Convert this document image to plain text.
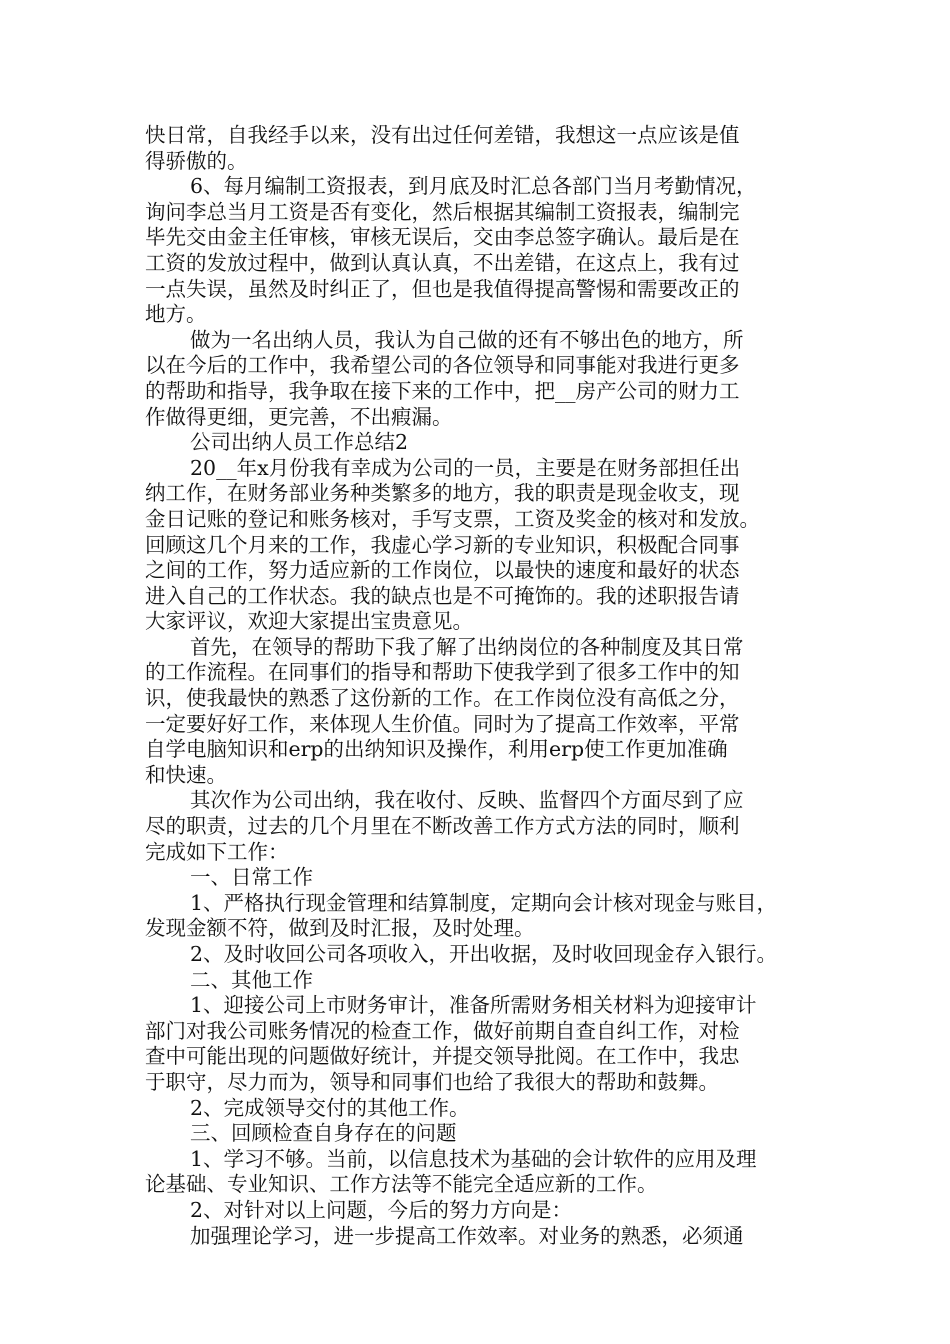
快日常，自我经手以来，没有出过任何差错，我想这一点应该是值
得骄傲的。
6、每月编制工资报表，到月底及时汇总各部门当月考勤情况，
询问李总当月工资是否有变化，然后根据其编制工资报表，编制完
毕先交由金主任审核，审核无误后，交由李总签字确认。最后是在
工资的发放过程中，做到认真认真，不出差错，在这点上，我有过
一点失误，虽然及时纠正了，但也是我值得提高警惕和需要改正的
地方。
做为一名出纳人员，我认为自己做的还有不够出色的地方，所
以在今后的工作中，我希望公司的各位领导和同事能对我进行更多
的帮助和指导，我争取在接下来的工作中，把__房产公司的财力工
作做得更细，更完善，不出瘕漏。
公司出纳人员工作总结2
20__年x月份我有幸成为公司的一员，主要是在财务部担任出
纳工作，在财务部业务种类繁多的地方，我的职责是现金收支，现
金日记账的登记和账务核对，手写支票，工资及奖金的核对和发放。
回顾这几个月来的工作，我虚心学习新的专业知识，积极配合同事
之间的工作，努力适应新的工作岗位，以最快的速度和最好的状态
进入自己的工作状态。我的缺点也是不可掩饰的。我的述职报告请
大家评议，欢迎大家提出宝贵意见。
首先，在领导的帮助下我了解了出纳岗位的各种制度及其日常
的工作流程。在同事们的指导和帮助下使我学到了很多工作中的知
识，使我最快的熟悉了这份新的工作。在工作岗位没有高低之分，
一定要好好工作，来体现人生价值。同时为了提高工作效率，平常
自学电脑知识和erp的出纳知识及操作，利用erp使工作更加准确
和快速。
其次作为公司出纳，我在收付、反映、监督四个方面尽到了应
尽的职责，过去的几个月里在不断改善工作方式方法的同时，顺利
完成如下工作：
一、日常工作
1、严格执行现金管理和结算制度，定期向会计核对现金与账目，
发现金额不符，做到及时汇报，及时处理。
2、及时收回公司各项收入，开出收据，及时收回现金存入银行。
二、其他工作
1、迎接公司上市财务审计，准备所需财务相关材料为迎接审计
部门对我公司账务情况的检查工作，做好前期自查自纠工作，对检
查中可能出现的问题做好统计，并提交领导批阅。在工作中，我忠
于职守，尽力而为，领导和同事们也给了我很大的帮助和鼓舞。
2、完成领导交付的其他工作。
三、回顾检查自身存在的问题
1、学习不够。当前，以信息技术为基础的会计软件的应用及理
论基础、专业知识、工作方法等不能完全适应新的工作。
2、对针对以上问题，今后的努力方向是：
加强理论学习，进一步提高工作效率。对业务的熟悉，必须通
